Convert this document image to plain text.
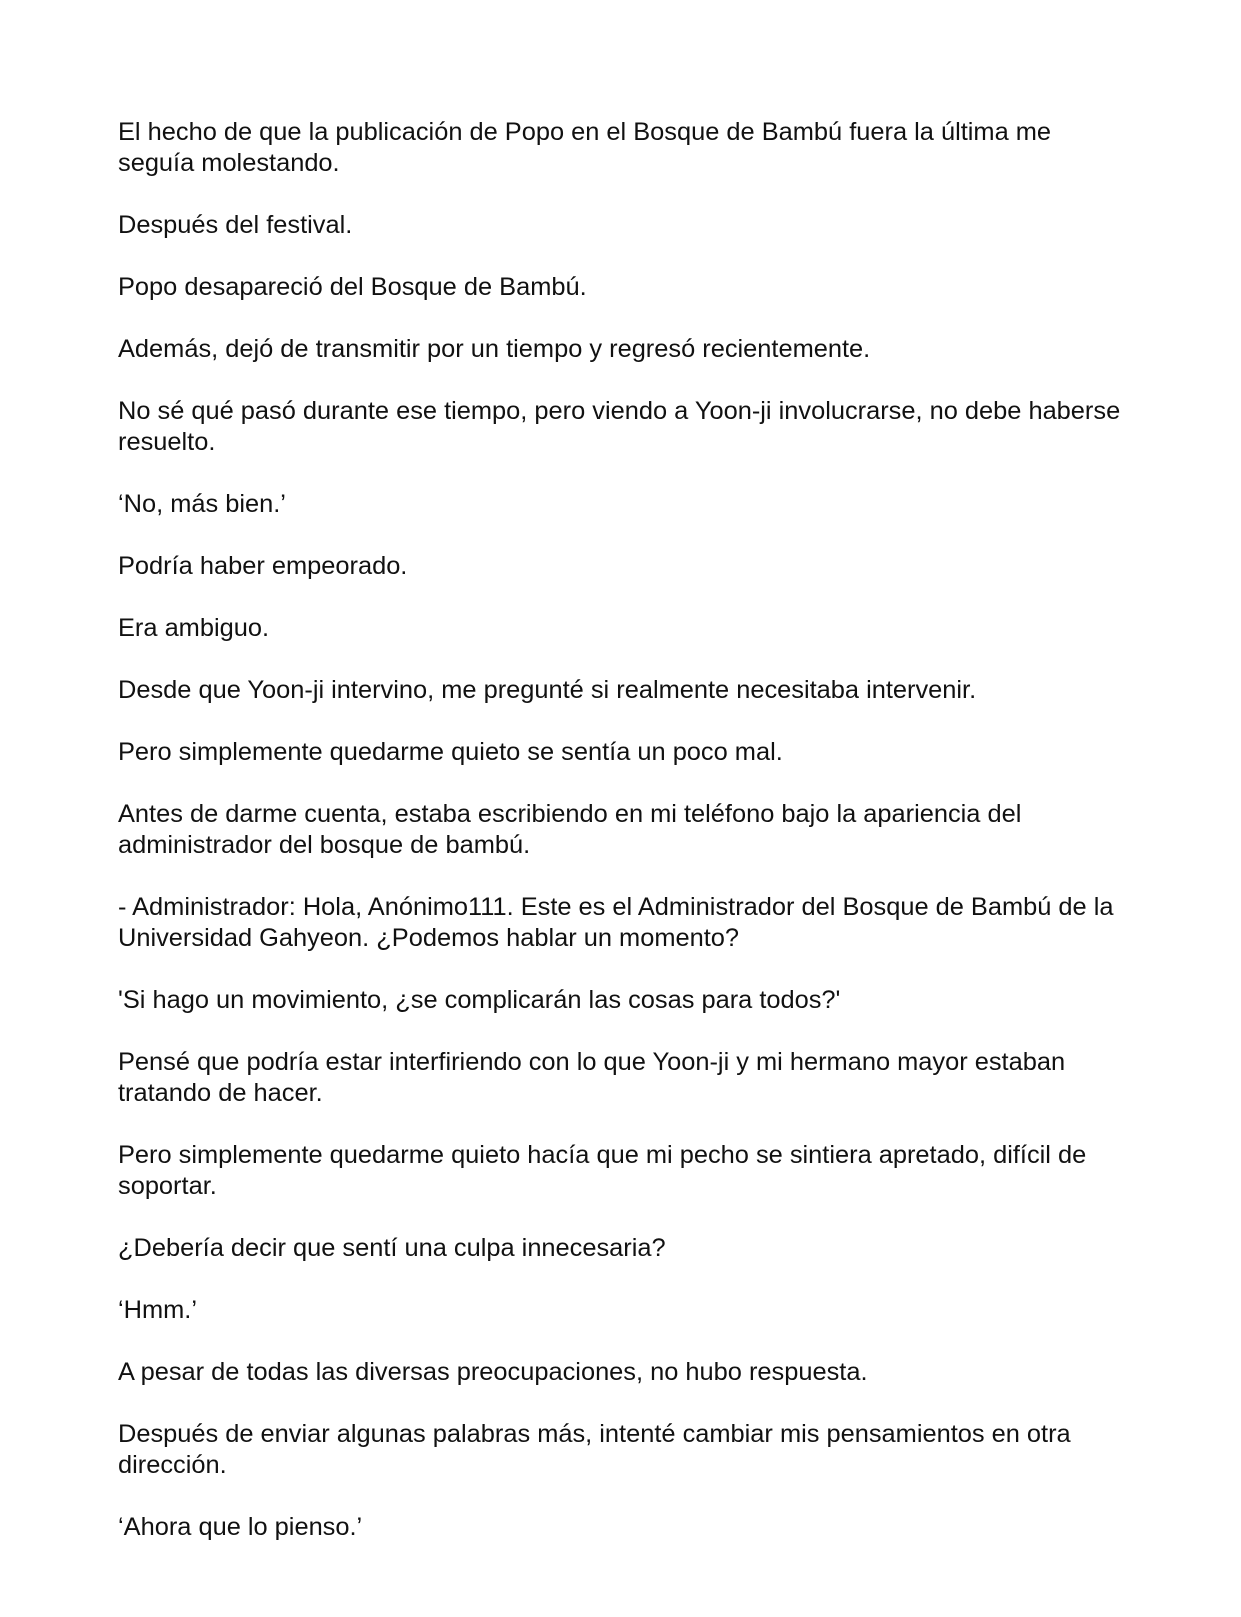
El hecho de que la publicación de Popo en el Bosque de Bambú fuera la última me seguía molestando.

Después del festival.

Popo desapareció del Bosque de Bambú.

Además, dejó de transmitir por un tiempo y regresó recientemente.

No sé qué pasó durante ese tiempo, pero viendo a Yoon-ji involucrarse, no debe haberse resuelto.

‘No, más bien.’

Podría haber empeorado.

Era ambiguo.

Desde que Yoon-ji intervino, me pregunté si realmente necesitaba intervenir.

Pero simplemente quedarme quieto se sentía un poco mal.

Antes de darme cuenta, estaba escribiendo en mi teléfono bajo la apariencia del administrador del bosque de bambú.

- Administrador: Hola, Anónimo111. Este es el Administrador del Bosque de Bambú de la Universidad Gahyeon. ¿Podemos hablar un momento?

'Si hago un movimiento, ¿se complicarán las cosas para todos?'

Pensé que podría estar interfiriendo con lo que Yoon-ji y mi hermano mayor estaban tratando de hacer.

Pero simplemente quedarme quieto hacía que mi pecho se sintiera apretado, difícil de soportar.

¿Debería decir que sentí una culpa innecesaria?

‘Hmm.’

A pesar de todas las diversas preocupaciones, no hubo respuesta.

Después de enviar algunas palabras más, intenté cambiar mis pensamientos en otra dirección.

‘Ahora que lo pienso.’
